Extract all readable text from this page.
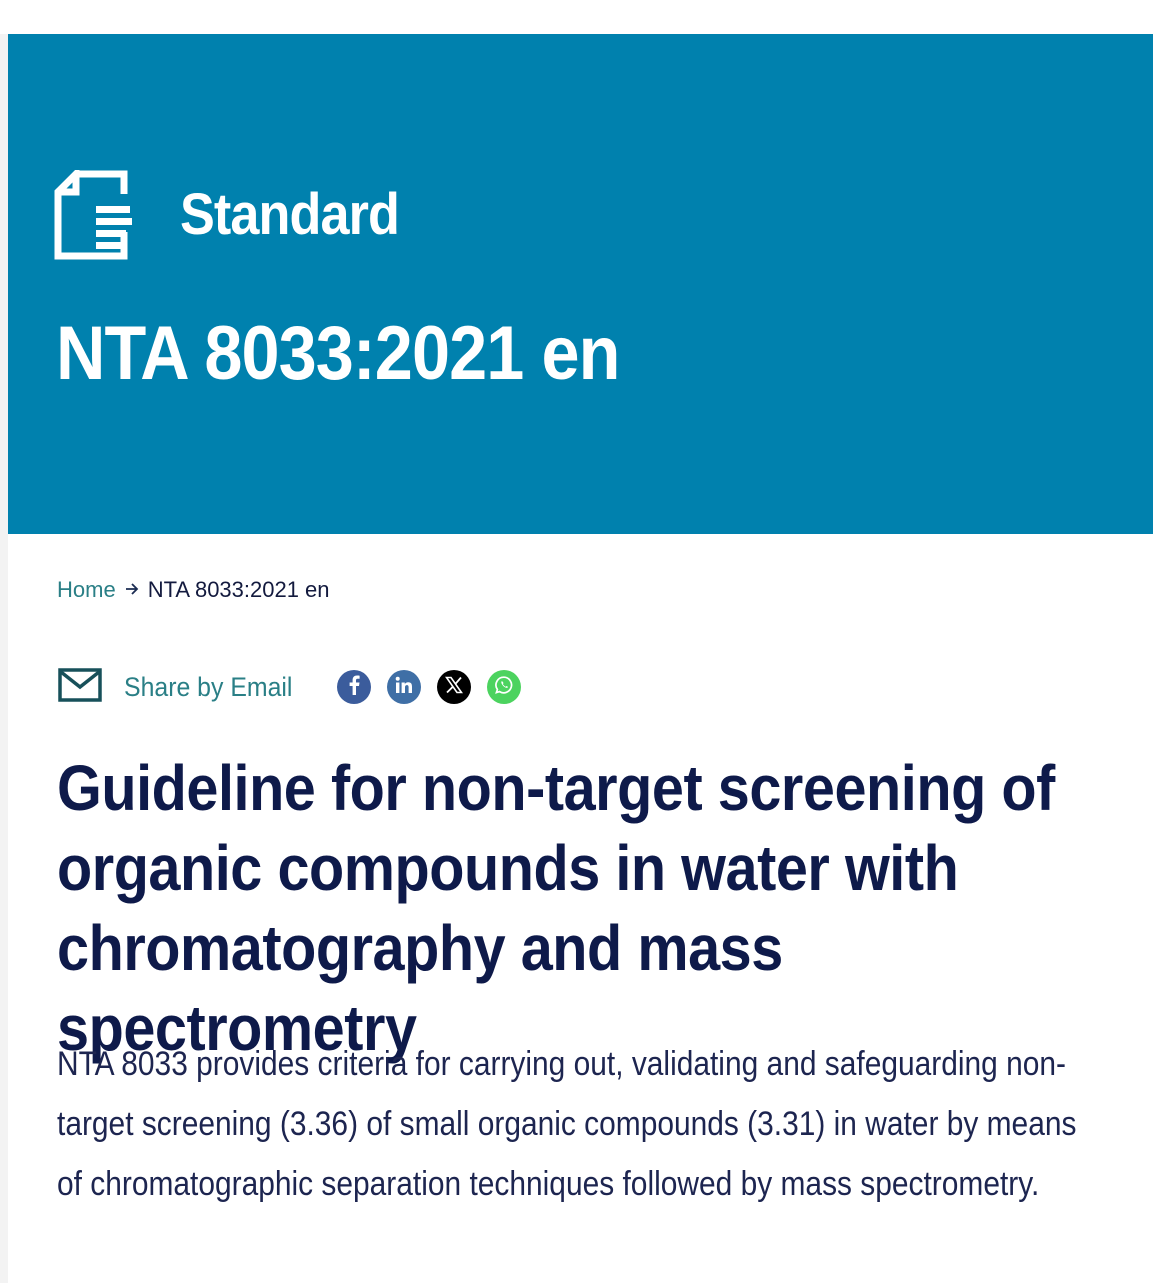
Standard
NTA 8033:2021 en
Home NTA 8033:2021 en
Share by Email
Guideline for non-target screening of organic compounds in water with chromatography and mass spectrometry

NTA 8033 provides criteria for carrying out, validating and safeguarding non-target screening (3.36) of small organic compounds (3.31) in water by means of chromatographic separation techniques followed by mass spectrometry.
